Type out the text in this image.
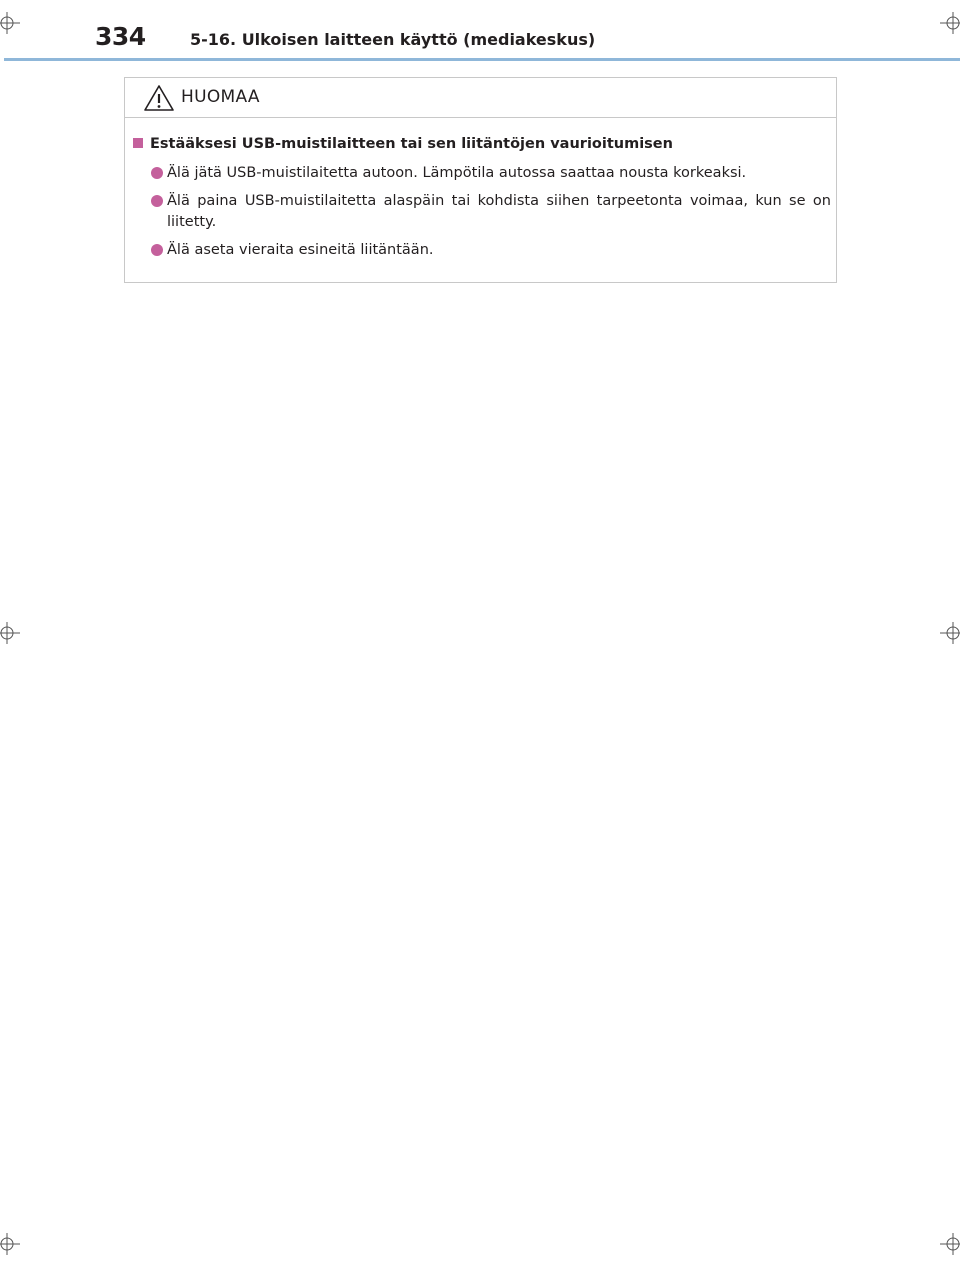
334	5-16. Ulkoisen laitteen käyttö (mediakeskus)
HUOMAA
Estääksesi USB-muistilaitteen tai sen liitäntöjen vaurioitumisen
Älä jätä USB-muistilaitetta autoon. Lämpötila autossa saattaa nousta korkeaksi.
Älä paina USB-muistilaitetta alaspäin tai kohdista siihen tarpeetonta voimaa, kun se on liitetty.
Älä aseta vieraita esineitä liitäntään.
